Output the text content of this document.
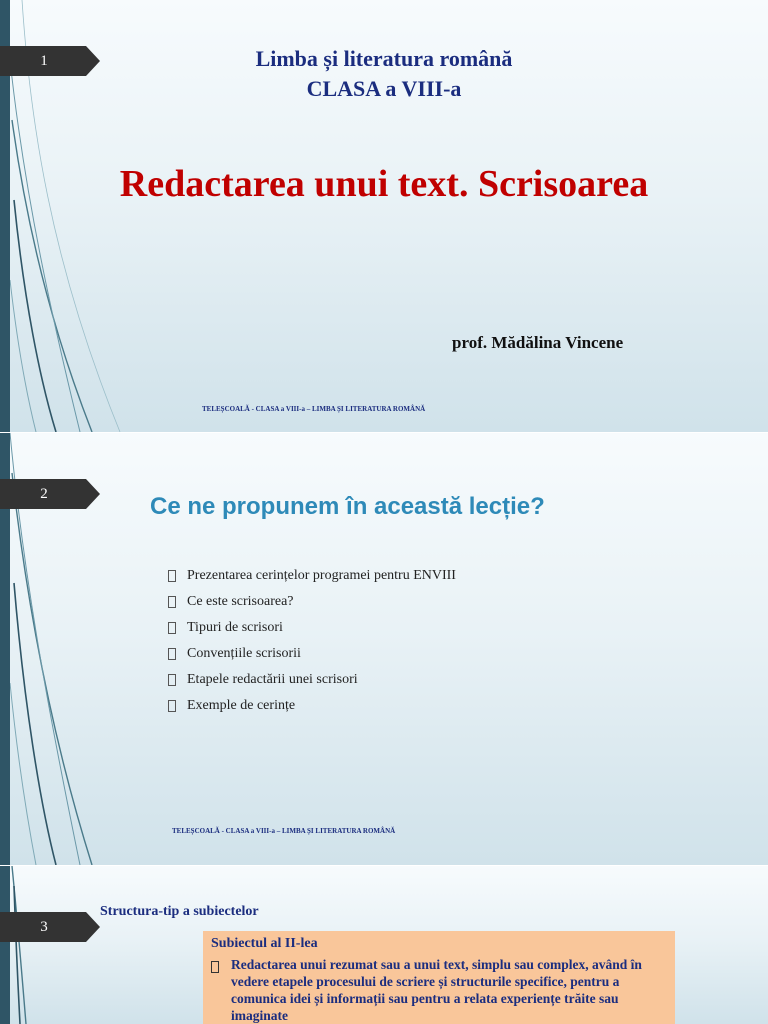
1	Limba și literatura română
CLASA a VIII-a
Redactarea unui text. Scrisoarea
prof. Mădălina Vincene
TELEȘCOALĂ - CLASA a VIII-a – LIMBA ȘI LITERATURA ROMÂNĂ
2	Ce ne propunem în această lecție?
Prezentarea cerințelor programei pentru ENVIII
Ce este scrisoarea?
Tipuri de scrisori
Convențiile scrisorii
Etapele redactării unei scrisori
Exemple de cerințe
TELEȘCOALĂ - CLASA a VIII-a – LIMBA ȘI LITERATURA ROMÂNĂ
3
Structura-tip a subiectelor
Subiectul al II-lea
Redactarea unui rezumat sau a unui text, simplu sau complex, având în vedere etapele procesului de scriere și structurile specifice, pentru a comunica idei și informații sau pentru a relata experiențe trăite sau imaginate
